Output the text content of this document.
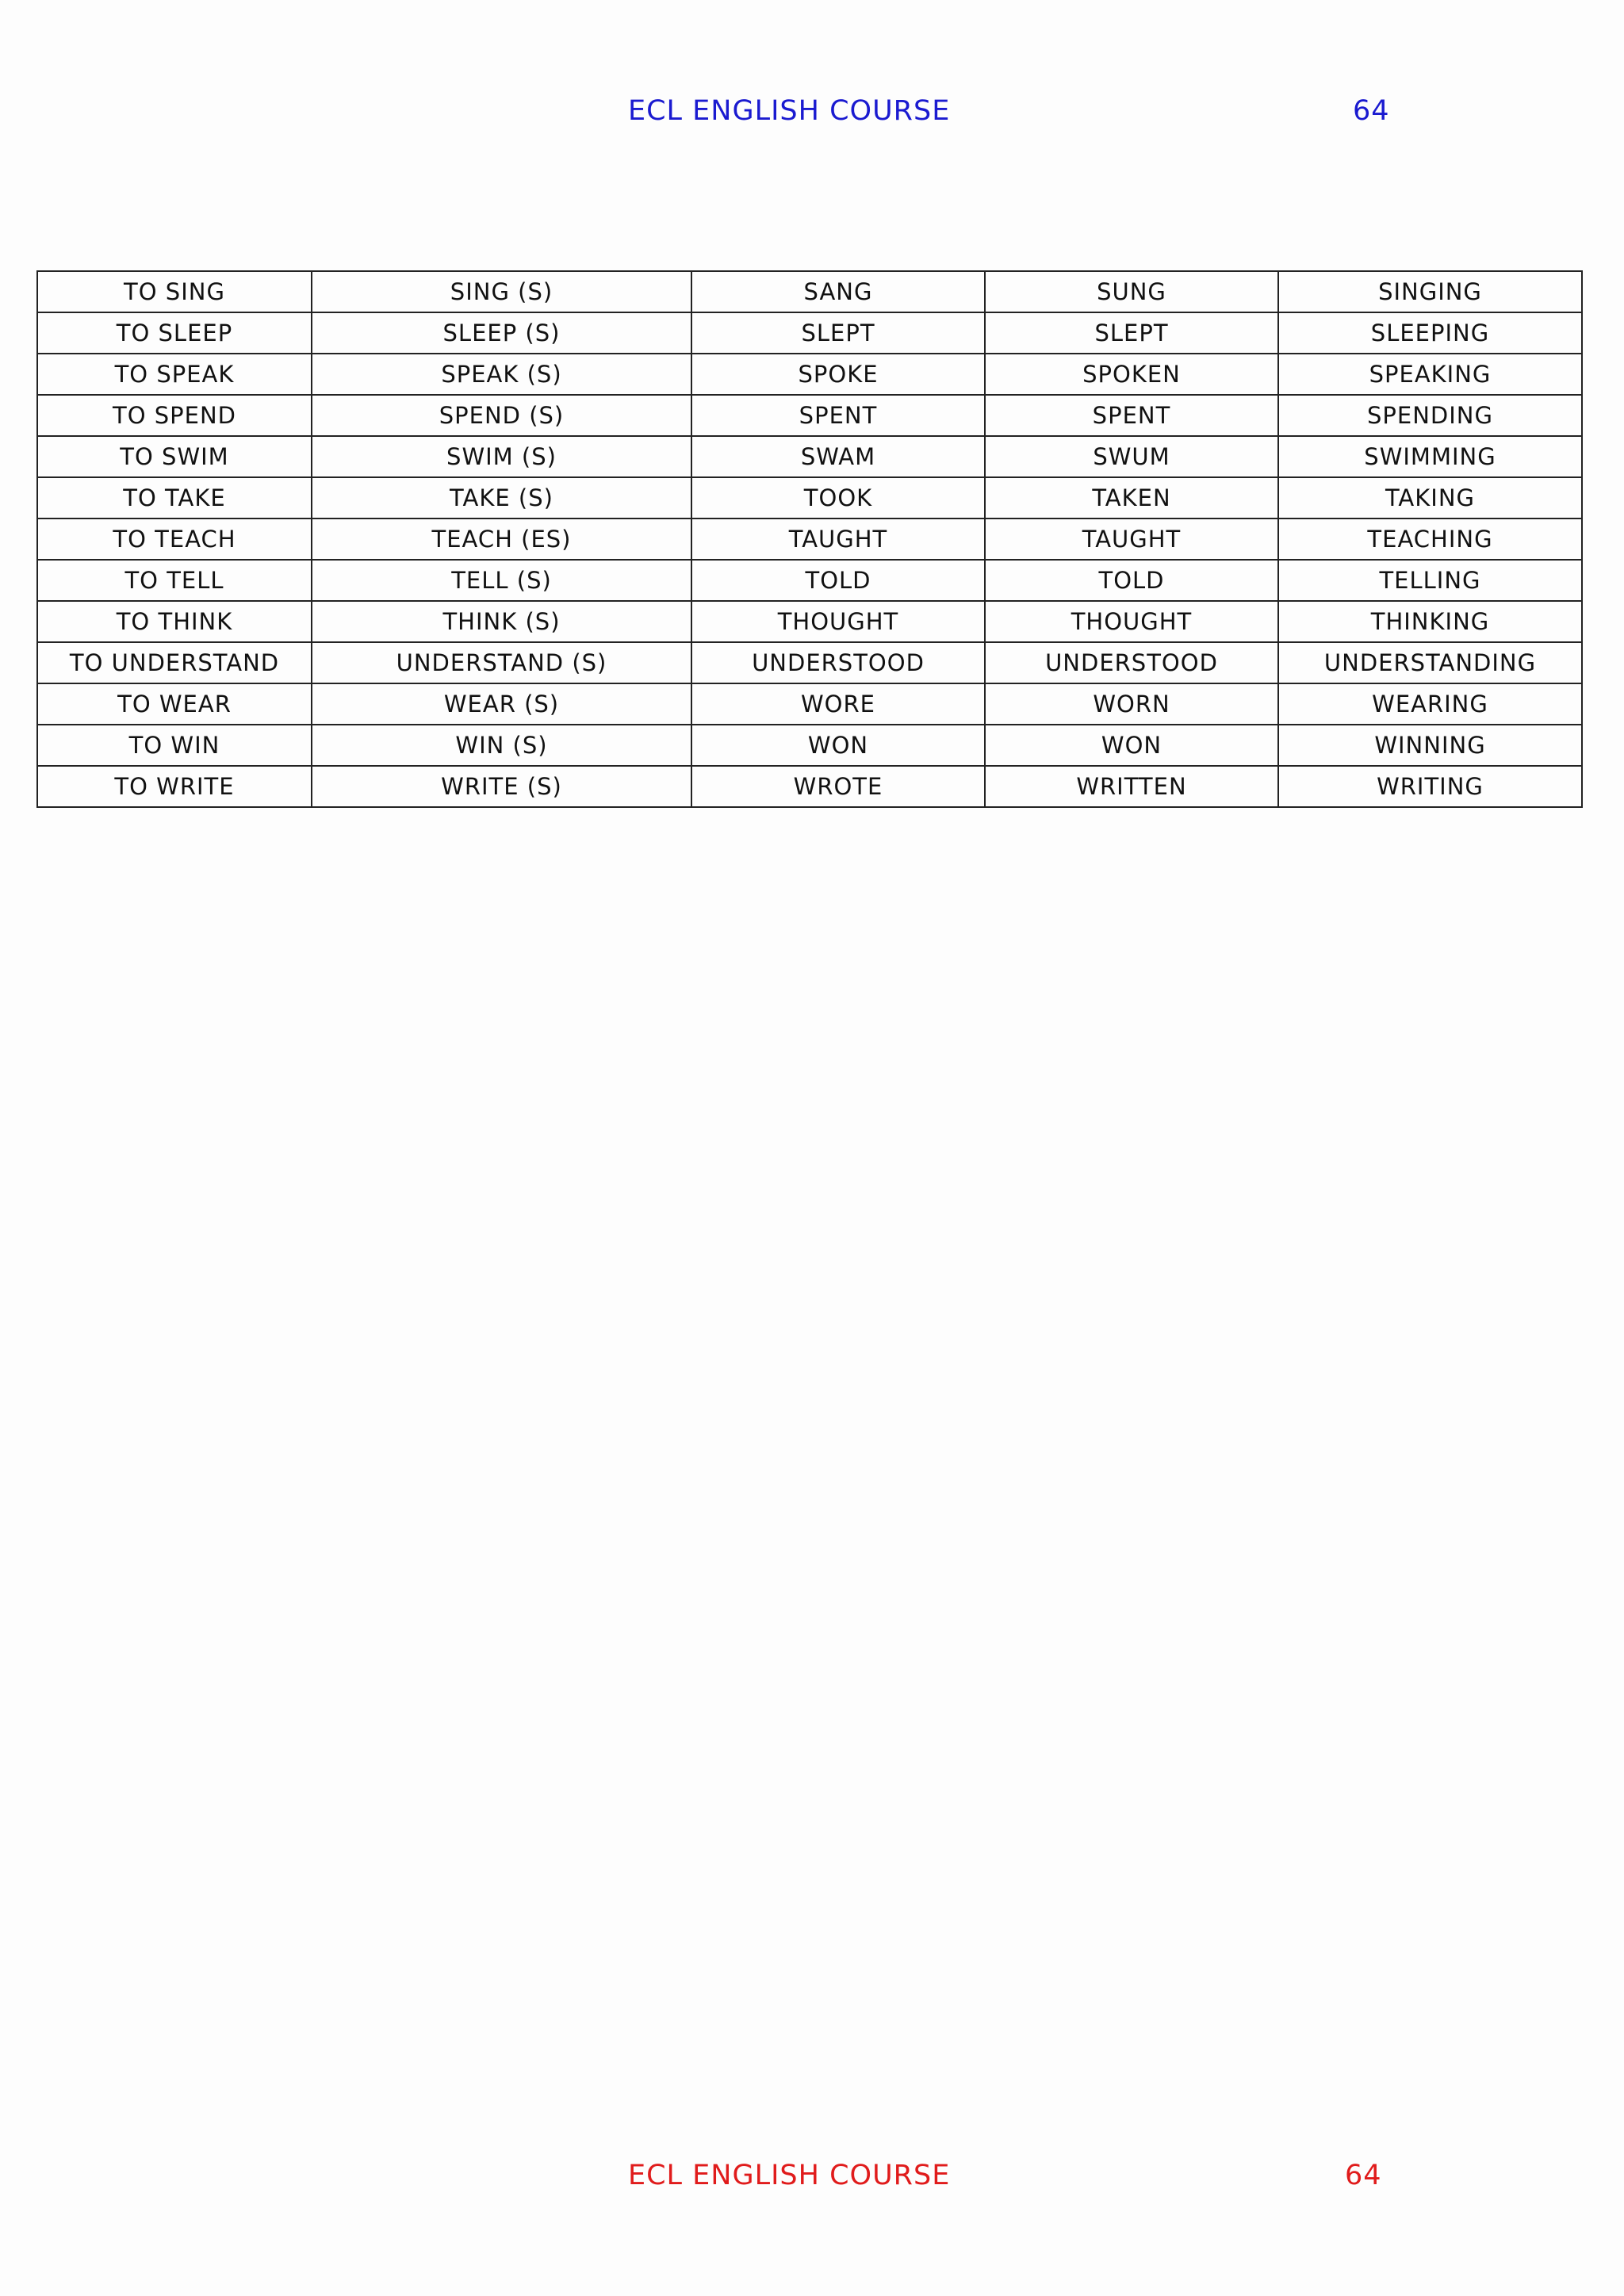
ECL ENGLISH COURSE	64
TO SING	SING (S)	SANG	SUNG	SINGING
TO SLEEP	SLEEP (S)	SLEPT	SLEPT	SLEEPING
TO SPEAK	SPEAK (S)	SPOKE	SPOKEN	SPEAKING
TO SPEND	SPEND (S)	SPENT	SPENT	SPENDING
TO SWIM	SWIM (S)	SWAM	SWUM	SWIMMING
TO TAKE	TAKE (S)	TOOK	TAKEN	TAKING
TO TEACH	TEACH (ES)	TAUGHT	TAUGHT	TEACHING
TO TELL	TELL (S)	TOLD	TOLD	TELLING
TO THINK	THINK (S)	THOUGHT	THOUGHT	THINKING
TO UNDERSTAND	UNDERSTAND (S)	UNDERSTOOD	UNDERSTOOD	UNDERSTANDING
TO WEAR	WEAR (S)	WORE	WORN	WEARING
TO WIN	WIN (S)	WON	WON	WINNING
TO WRITE	WRITE (S)	WROTE	WRITTEN	WRITING
ECL ENGLISH COURSE	64
